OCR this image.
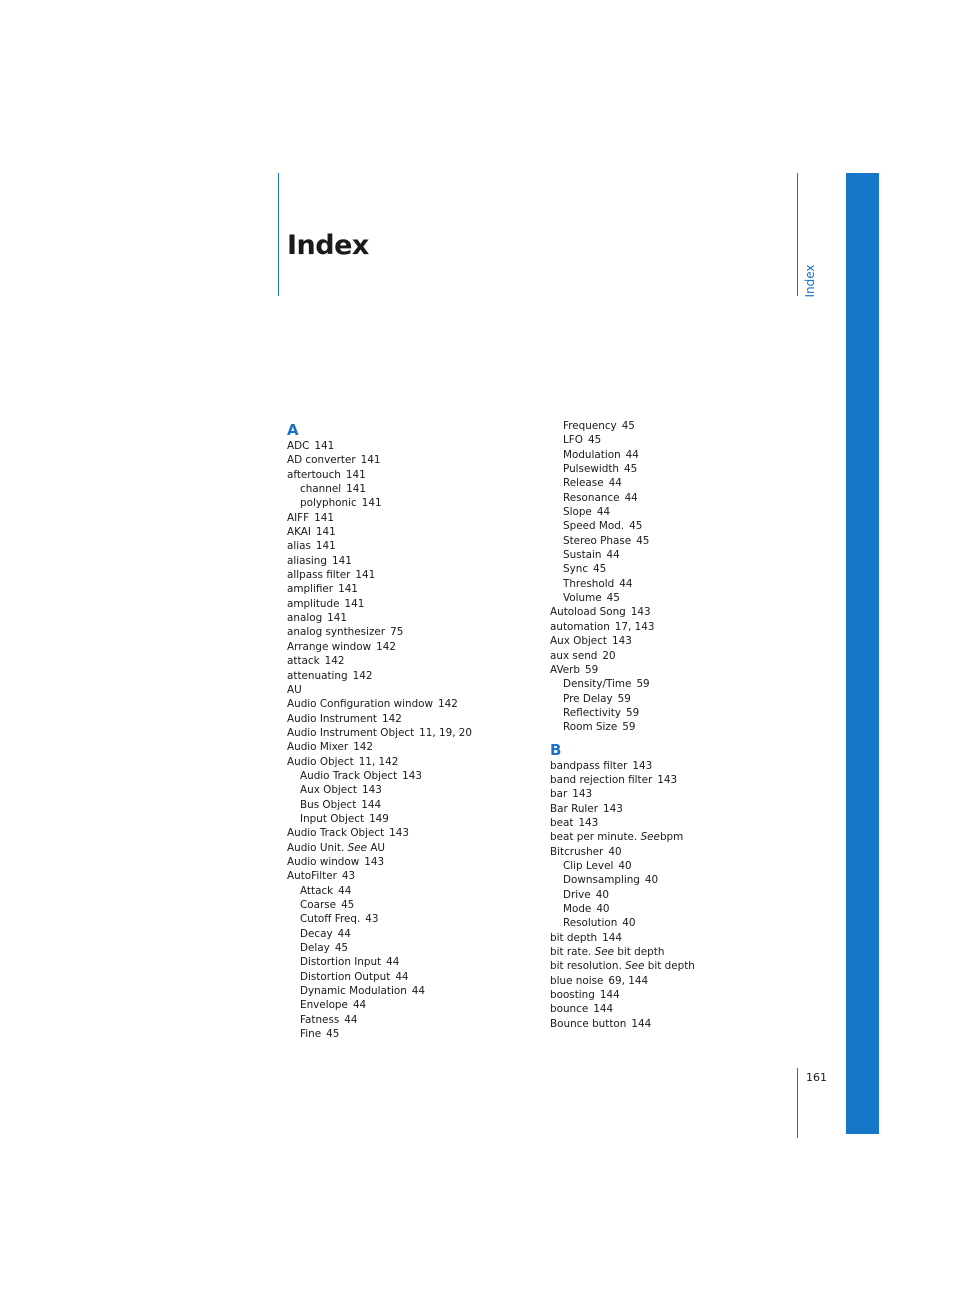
Index
Index
161
A
ADC 141
AD converter 141
aftertouch 141
channel 141
polyphonic 141
AIFF 141
AKAI 141
alias 141
aliasing 141
allpass filter 141
amplifier 141
amplitude 141
analog 141
analog synthesizer 75
Arrange window 142
attack 142
attenuating 142
AU
Audio Configuration window 142
Audio Instrument 142
Audio Instrument Object 11, 19, 20
Audio Mixer 142
Audio Object 11, 142
Audio Track Object 143
Aux Object 143
Bus Object 144
Input Object 149
Audio Track Object 143
Audio Unit. See AU
Audio window 143
AutoFilter 43
Attack 44
Coarse 45
Cutoff Freq. 43
Decay 44
Delay 45
Distortion Input 44
Distortion Output 44
Dynamic Modulation 44
Envelope 44
Fatness 44
Fine 45
Frequency 45
LFO 45
Modulation 44
Pulsewidth 45
Release 44
Resonance 44
Slope 44
Speed Mod. 45
Stereo Phase 45
Sustain 44
Sync 45
Threshold 44
Volume 45
Autoload Song 143
automation 17, 143
Aux Object 143
aux send 20
AVerb 59
Density/Time 59
Pre Delay 59
Reflectivity 59
Room Size 59
B
bandpass filter 143
band rejection filter 143
bar 143
Bar Ruler 143
beat 143
beat per minute. Seebpm
Bitcrusher 40
Clip Level 40
Downsampling 40
Drive 40
Mode 40
Resolution 40
bit depth 144
bit rate. See bit depth
bit resolution. See bit depth
blue noise 69, 144
boosting 144
bounce 144
Bounce button 144
